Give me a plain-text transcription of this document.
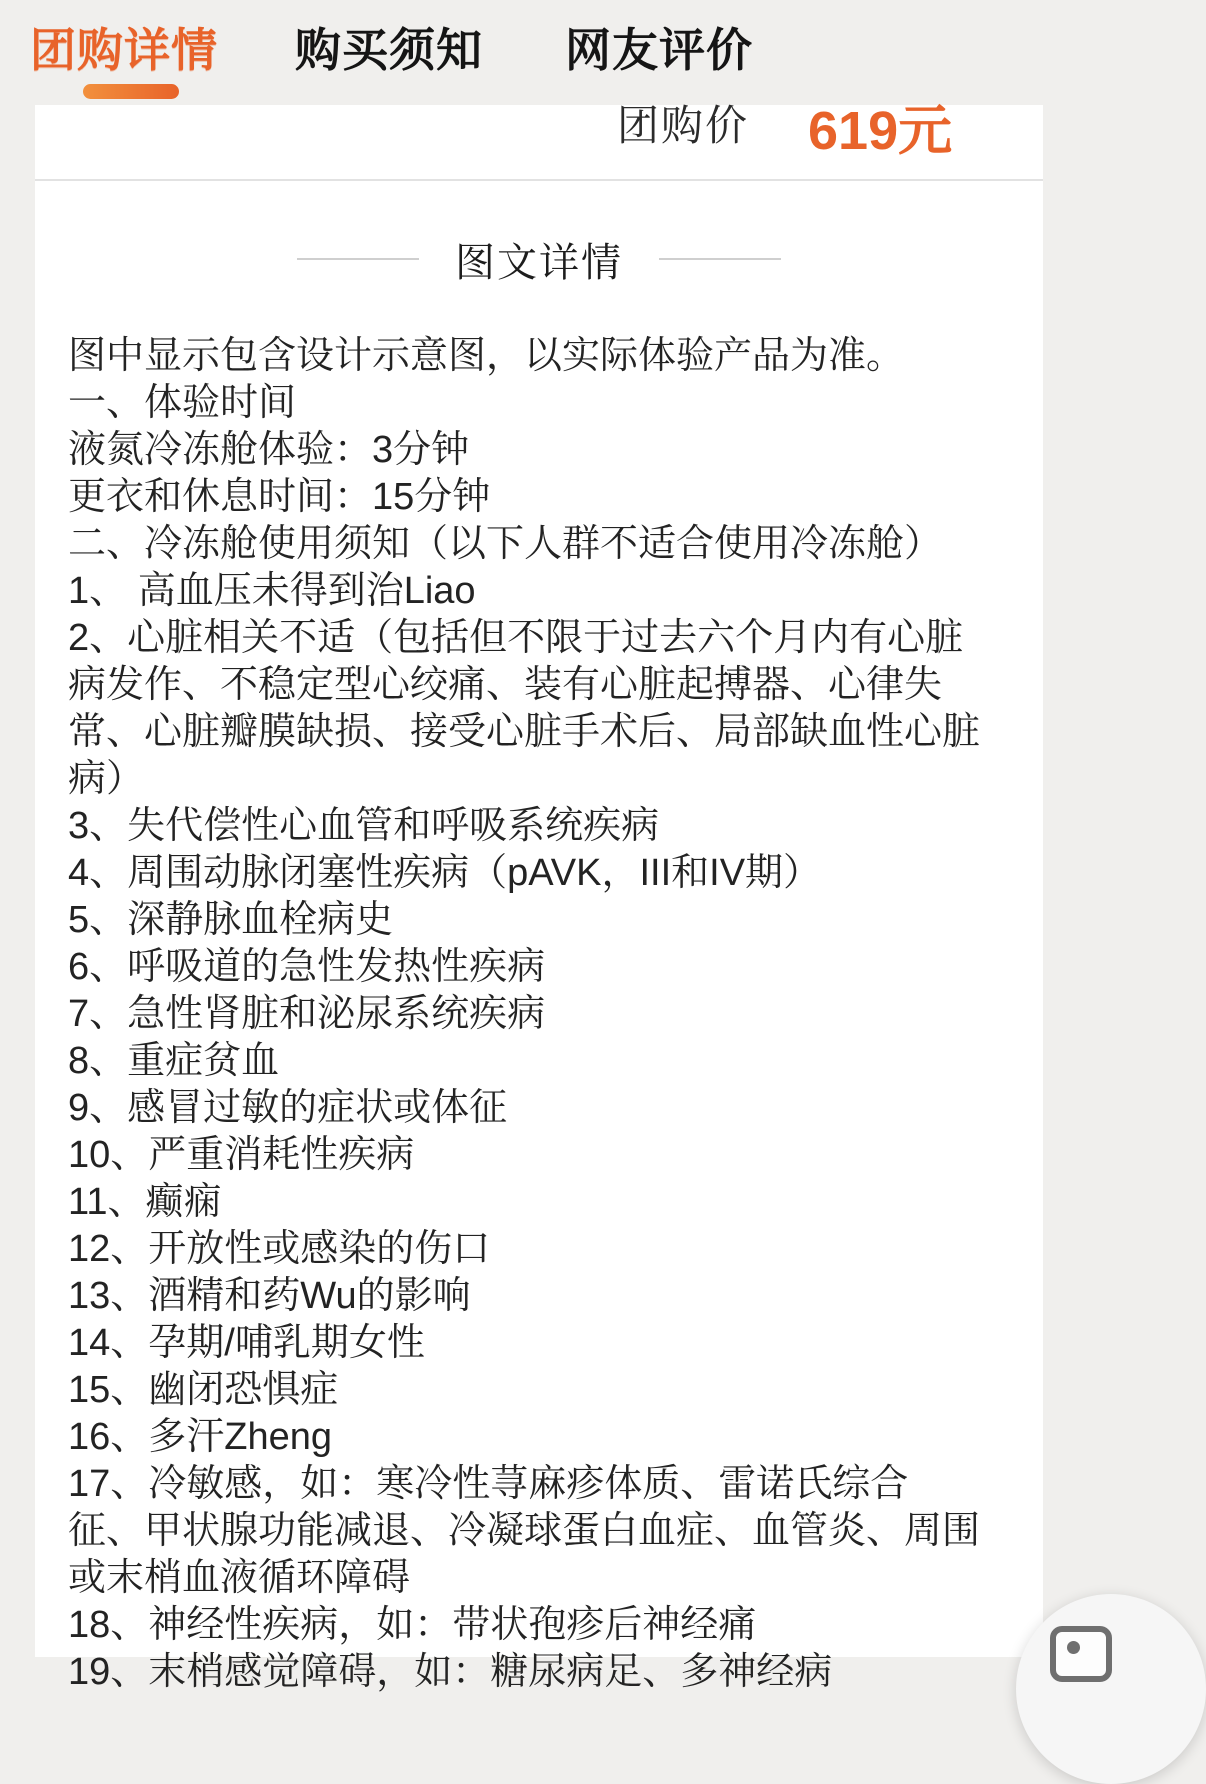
团购详情 购买须知 网友评价
团购价 619元
图文详情
图中显示包含设计示意图，以实际体验产品为准。
一、体验时间
液氮冷冻舱体验：3分钟
更衣和休息时间：15分钟
二、冷冻舱使用须知（以下人群不适合使用冷冻舱）
1、 高血压未得到治Liao
2、心脏相关不适（包括但不限于过去六个月内有心脏病发作、不稳定型心绞痛、装有心脏起搏器、心律失常、心脏瓣膜缺损、接受心脏手术后、局部缺血性心脏病）
3、失代偿性心血管和呼吸系统疾病
4、周围动脉闭塞性疾病（pAVK，III和IV期）
5、深静脉血栓病史
6、呼吸道的急性发热性疾病
7、急性肾脏和泌尿系统疾病
8、重症贫血
9、感冒过敏的症状或体征
10、严重消耗性疾病
11、癫痫
12、开放性或感染的伤口
13、酒精和药Wu的影响
14、孕期/哺乳期女性
15、幽闭恐惧症
16、多汗Zheng
17、冷敏感，如：寒冷性荨麻疹体质、雷诺氏综合征、甲状腺功能减退、冷凝球蛋白血症、血管炎、周围或末梢血液循环障碍
18、神经性疾病，如：带状孢疹后神经痛
19、末梢感觉障碍，如：糖尿病足、多神经病
